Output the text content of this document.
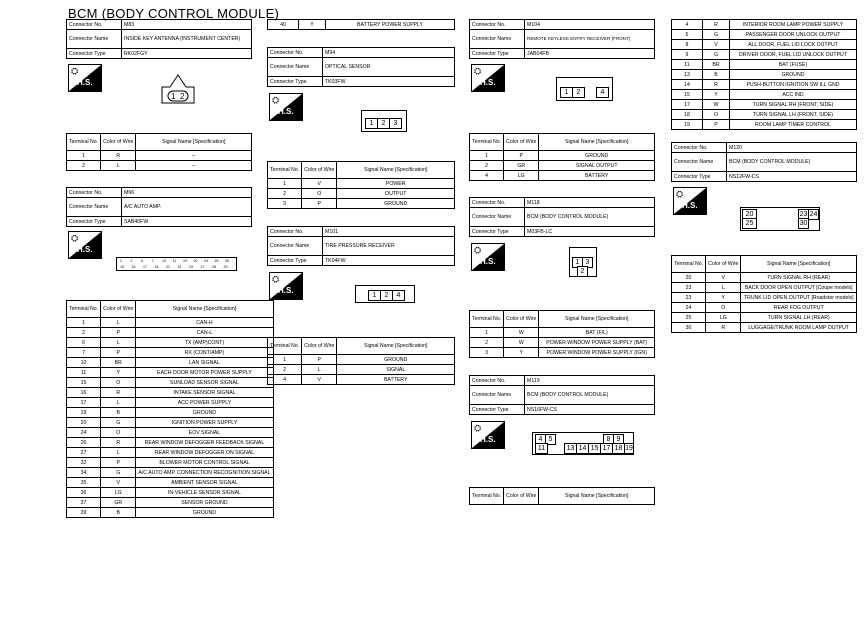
BCM (BODY CONTROL MODULE)
Connector No.	M83
Connector Name	INSIDE KEY ANTENNA (INSTRUMENT CENTER)
Connector Type	RK02FGY
⛭
H.S.
1 2
Terminal No.	Color of Wire	Signal Name [Specification]
1	R	–
2	L	–
Connector No.	M66
Connector Name	A/C AUTO AMP.
Connector Type	SAB40FW
⛭
H.S.
1 2 6 7 10 11 19 20 24 25 26
15 16 17 18 21 22 23 27 28 29
Terminal No.	Color of Wire	Signal Name [Specification]
1	L	CAN-H
2	P	CAN-L
6	L	TX (AMP)CONT)
7	P	RX (CONT/AMP)
10	BR	LAN SIGNAL
11	Y	EACH DOOR MOTOR POWER SUPPLY
15	O	SUNLOAD SENSOR SIGNAL
16	R	INTAKE SENSOR SIGNAL
17	L	ACC POWER SUPPLY
19	B	GROUND
20	G	IGNITION POWER SUPPLY
24	O	EOV SIGNAL
26	R	REAR WINDOW DEFOGGER FEEDBACK SIGNAL
27	L	REAR WINDOW DEFOGGER ON SIGNAL
32	P	BLOWER MOTOR CONTROL SIGNAL
34	G	A/C AUTO AMP. CONNECTION RECOGNITION SIGNAL
35	V	AMBIENT SENSOR SIGNAL
36	LG	IN-VEHICLE SENSOR SIGNAL
37	GR	SENSOR GROUND
39	B	GROUND
40	Y	BATTERY POWER SUPPLY
Connector No.	M94
Connector Name	OPTICAL SENSOR
Connector Type	TK03FW
⛭
H.S.
1	2	3
Terminal No.	Color of Wire	Signal Name [Specification]
1	V	POWER
2	O	OUTPUT
3	P	GROUND
Connector No.	M101
Connector Name	TIRE PRESSURE RECEIVER
Connector Type	TK04FW
⛭
H.S.
1	2	4
Terminal No.	Color of Wire	Signal Name [Specification]
1	P	GROUND
2	L	SIGNAL
4	V	BATTERY
Connector No.	M104
Connector Name	REMOTE KEYLESS ENTRY RECEIVER (FRONT)
Connector Type	JAB04FB
⛭
H.S.
1	2	4
Terminal No.	Color of Wire	Signal Name [Specification]
1	P	GROUND
2	GR	SIGNAL OUTPUT
4	LG	BATTERY
Connector No.	M118
Connector Name	BCM (BODY CONTROL MODULE)
Connector Type	M03FB-LC
⛭
H.S.	1 3
2
Terminal No.	Color of Wire	Signal Name [Specification]
1	W	BAT (F/L)
2	W	POWER WINDOW POWER SUPPLY (BAT)
3	Y	POWER WINDOW POWER SUPPLY (IGN)
Connector No.	M119
Connector Name	BCM (BODY CONTROL MODULE)
Connector Type	NS16FW-CS
⛭
H.S.	4 5	8 9
11	13 14 15 17 18 19
Terminal No.	Color of Wire	Signal Name [Specification]
4	R	INTERIOR ROOM LAMP POWER SUPPLY
5	G	PASSENGER DOOR UNLOCK OUTPUT
8	V	ALL DOOR, FUEL LID LOCK OUTPUT
9	G	DRIVER DOOR, FUEL LID UNLOCK OUTPUT
11	BR	BAT (FUSE)
13	B	GROUND
14	R	PUSH-BUTTON IGNITION SW ILL GND
15	Y	ACC IND
17	W	TURN SIGNAL RH (FRONT, SIDE)
18	O	TURN SIGNAL LH (FRONT, SIDE)
19	P	ROOM LAMP TIMER CONTROL
Connector No.	M120
Connector Name	BCM (BODY CONTROL MODULE)
Connector Type	NS12FW-CS
⛭
H.S.
20	23 24
25	30
Terminal No.	Color of Wire	Signal Name [Specification]
20	V	TURN SIGNAL RH (REAR)
23	L	BACK DOOR OPEN OUTPUT [Coupe models]
23	Y	TRUNK LID OPEN OUTPUT [Roadster models]
24	O	REAR FOG OUTPUT
25	LG	TURN SIGNAL LH (REAR)
30	R	LUGGAGE/TRUNK ROOM LAMP OUTPUT
